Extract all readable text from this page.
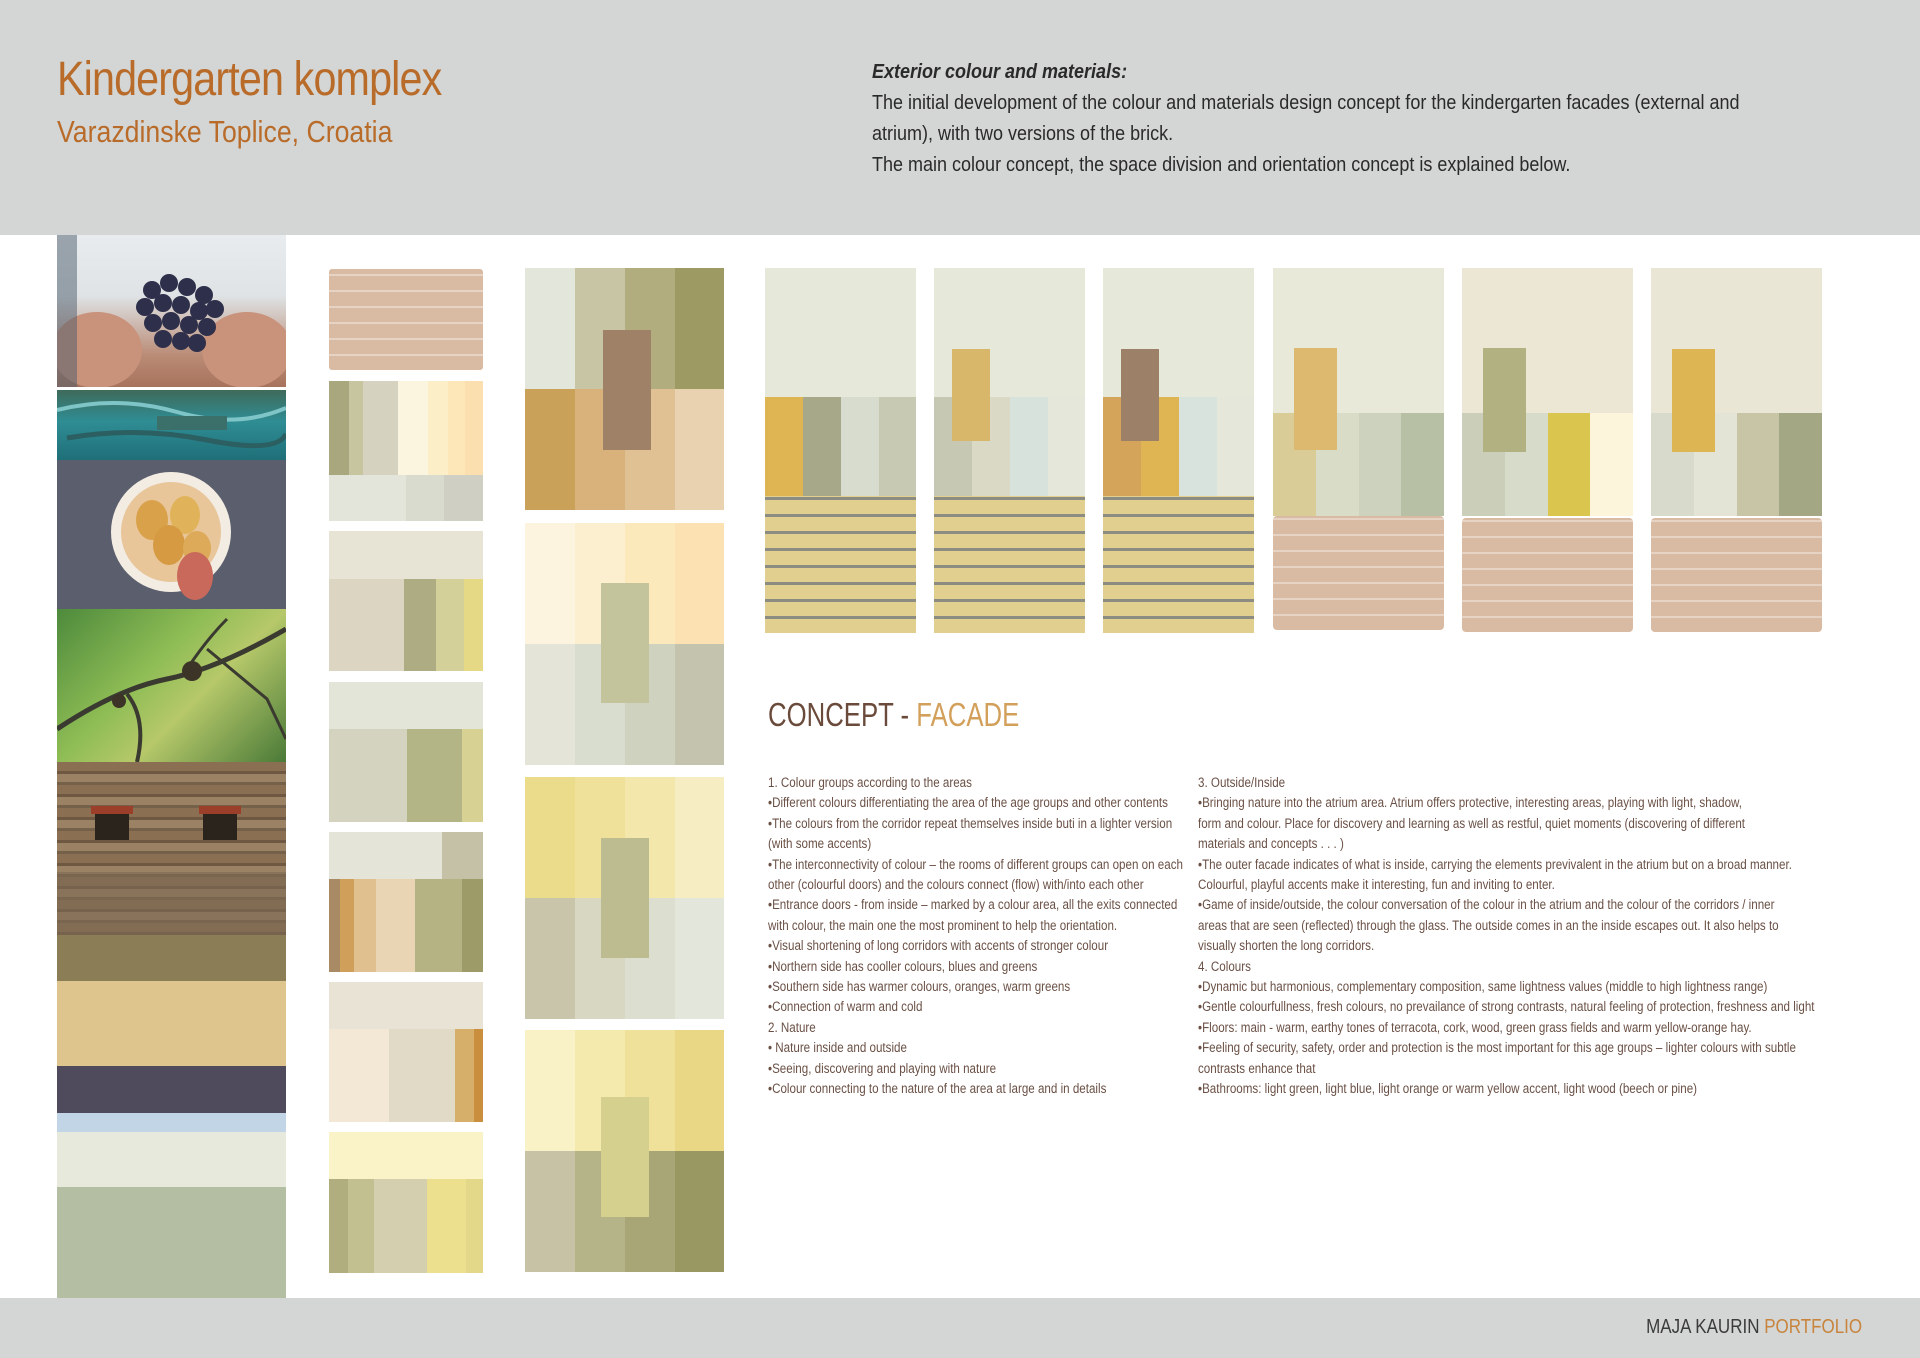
Kindergarten komplex
Varazdinske Toplice, Croatia

Exterior colour and materials:

The initial development of the colour and materials design concept for the kindergarten facades (external and

atrium), with two versions of the brick.

The main colour concept, the space division and orientation concept is explained below.

CONCEPT - FACADE

1. Colour groups according to the areas

•Different colours differentiating the area of the age groups and other contents

•The colours from the corridor repeat themselves inside buti in a lighter version

(with some accents)

•The interconnectivity of colour – the rooms of different groups can open on each

other (colourful doors) and the colours connect (flow) with/into each other

•Entrance doors - from inside – marked by a colour area, all the exits connected

with colour, the main one the most prominent to help the orientation.

•Visual shortening of long corridors with accents of stronger colour

•Northern side has cooller colours, blues and greens

•Southern side has warmer colours, oranges, warm greens

•Connection of warm and cold

2. Nature

• Nature inside and outside

•Seeing, discovering and playing with nature

•Colour connecting to the nature of the area at large and in details

3. Outside/Inside

•Bringing nature into the atrium area. Atrium offers protective, interesting areas, playing with light, shadow,

form and colour. Place for discovery and learning as well as restful, quiet moments (discovering of different

materials and concepts . . . )

•The outer facade indicates of what is inside, carrying the elements previvalent in the atrium but on a broad manner.

Colourful, playful accents make it interesting, fun and inviting to enter.

•Game of inside/outside, the colour conversation of the colour in the atrium and the colour of the corridors / inner

areas that are seen (reflected) through the glass. The outside comes in an the inside escapes out. It also helps to

visually shorten the long corridors.

4. Colours

•Dynamic but harmonious, complementary composition, same lightness values (middle to high lightness range)

•Gentle colourfullness, fresh colours, no prevailance of strong contrasts, natural feeling of protection, freshness and light

•Floors: main - warm, earthy tones of terracota, cork, wood, green grass fields and warm yellow-orange hay.

•Feeling of security, safety, order and protection is the most important for this age groups – lighter colours with subtle

contrasts enhance that

•Bathrooms: light green, light blue, light orange or warm yellow accent, light wood (beech or pine)

MAJA KAURIN PORTFOLIO
